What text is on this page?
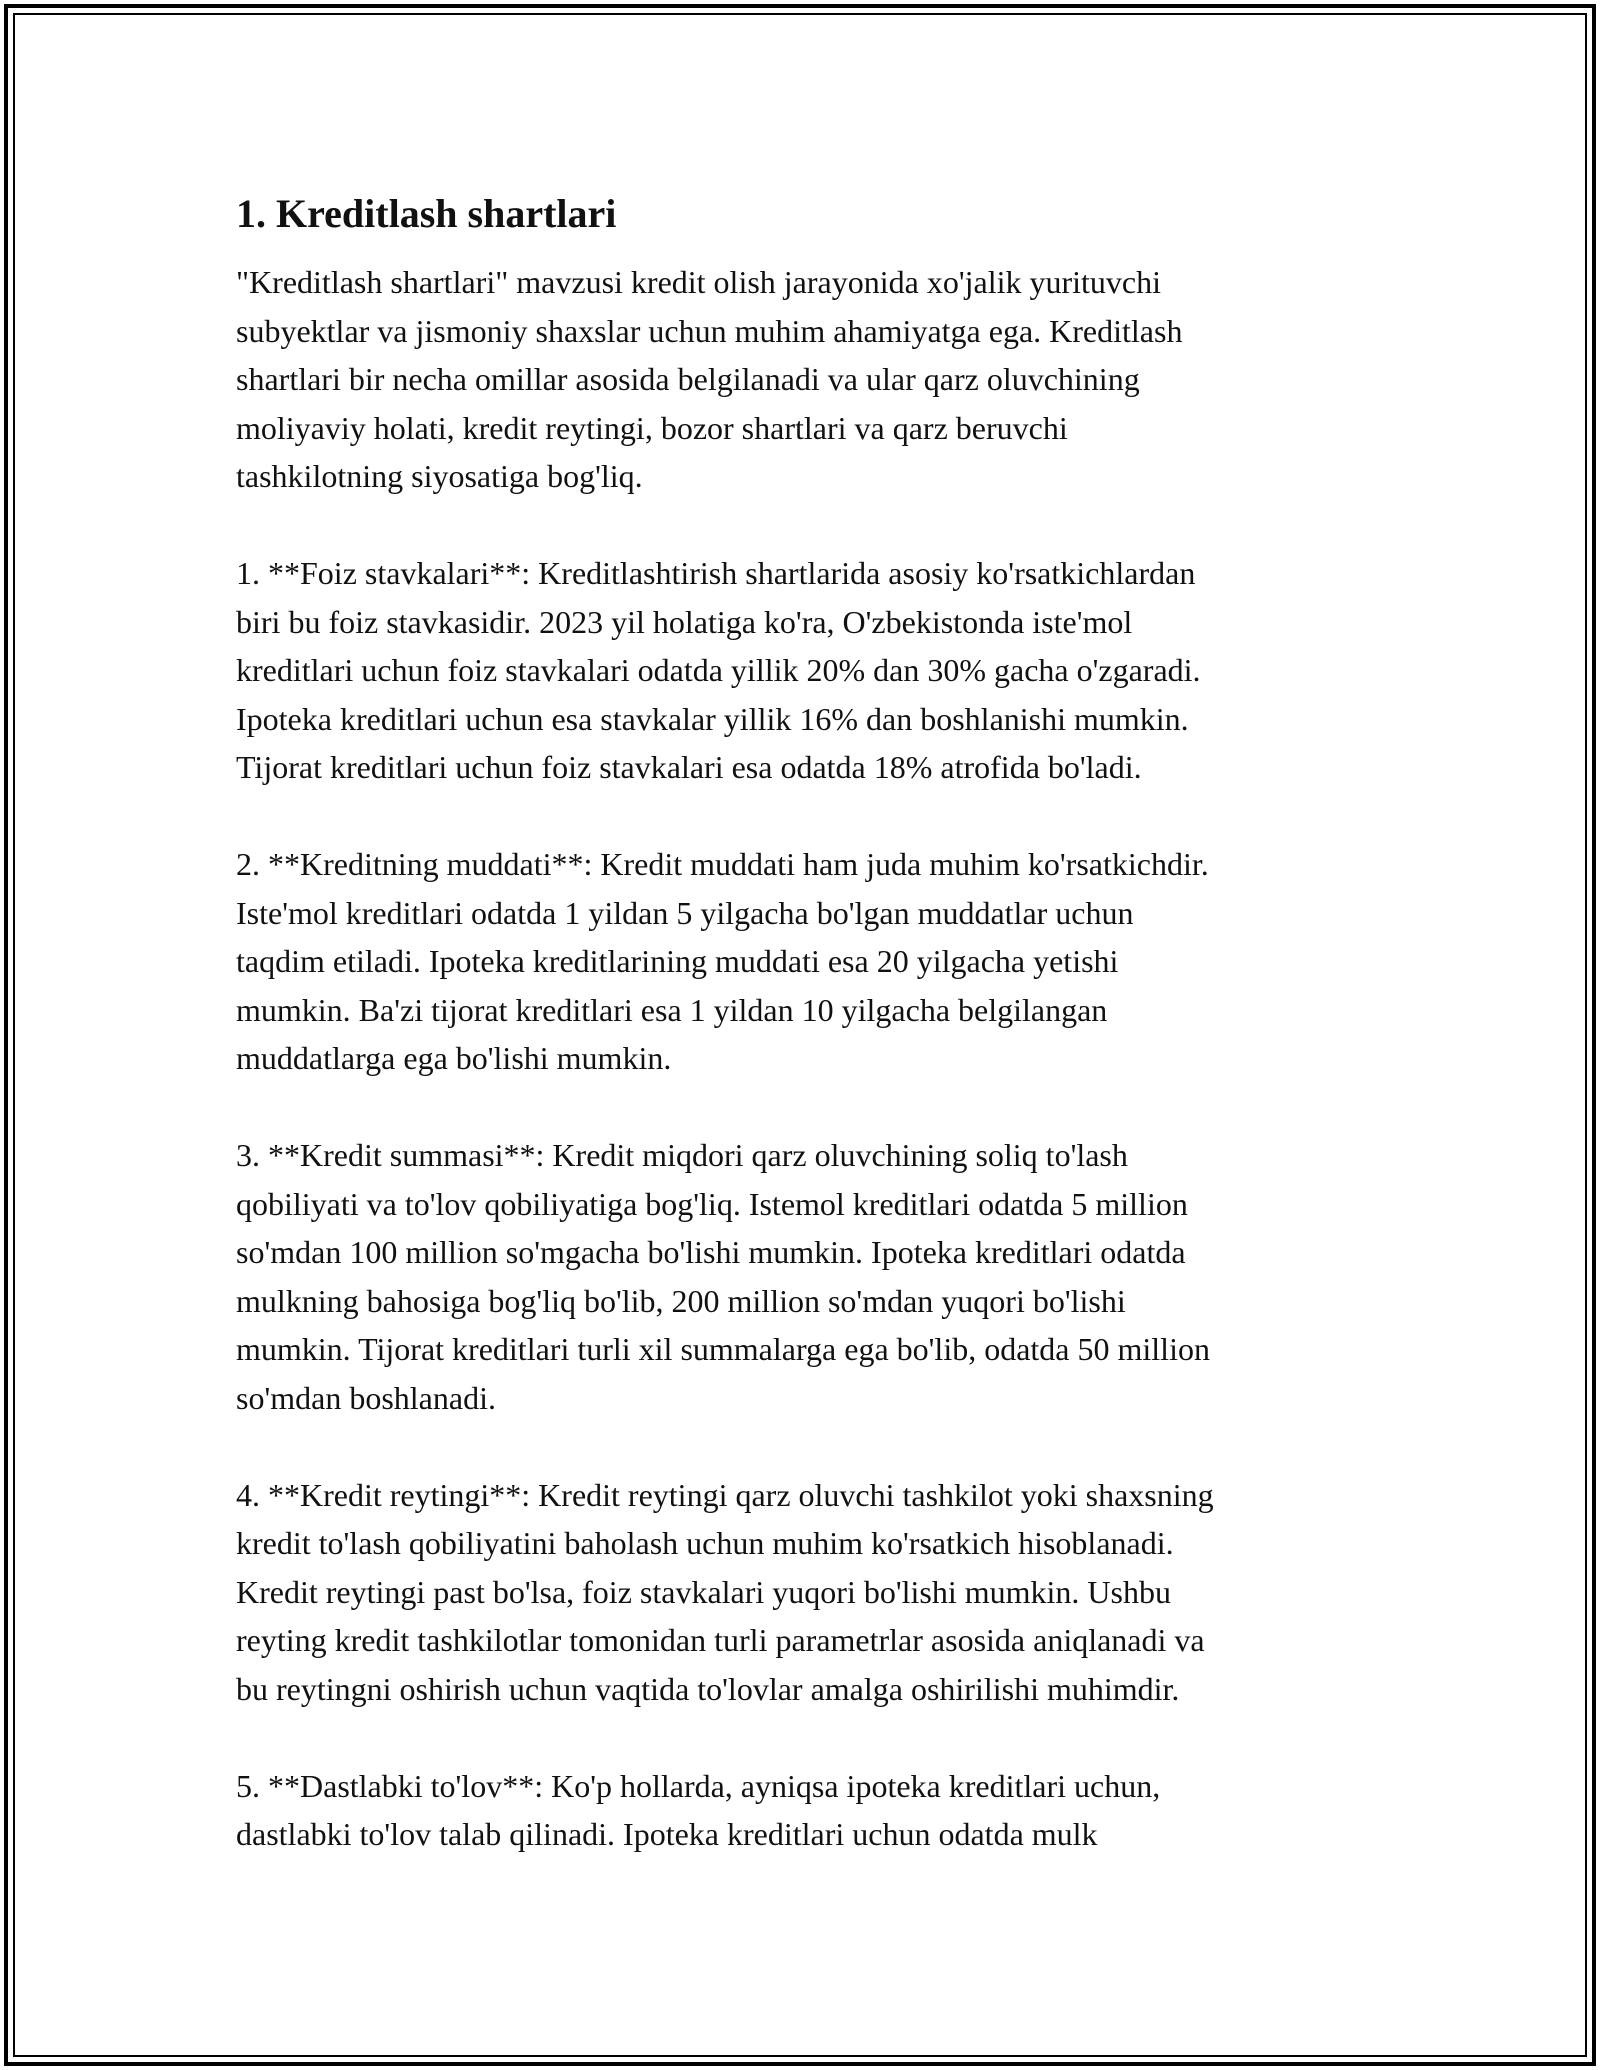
1. Kreditlash shartlari

"Kreditlash shartlari" mavzusi kredit olish jarayonida xo'jalik yurituvchi
subyektlar va jismoniy shaxslar uchun muhim ahamiyatga ega. Kreditlash
shartlari bir necha omillar asosida belgilanadi va ular qarz oluvchining
moliyaviy holati, kredit reytingi, bozor shartlari va qarz beruvchi
tashkilotning siyosatiga bog'liq.

1. **Foiz stavkalari**: Kreditlashtirish shartlarida asosiy ko'rsatkichlardan
biri bu foiz stavkasidir. 2023 yil holatiga ko'ra, O'zbekistonda iste'mol
kreditlari uchun foiz stavkalari odatda yillik 20% dan 30% gacha o'zgaradi.
Ipoteka kreditlari uchun esa stavkalar yillik 16% dan boshlanishi mumkin.
Tijorat kreditlari uchun foiz stavkalari esa odatda 18% atrofida bo'ladi.

2. **Kreditning muddati**: Kredit muddati ham juda muhim ko'rsatkichdir.
Iste'mol kreditlari odatda 1 yildan 5 yilgacha bo'lgan muddatlar uchun
taqdim etiladi. Ipoteka kreditlarining muddati esa 20 yilgacha yetishi
mumkin. Ba'zi tijorat kreditlari esa 1 yildan 10 yilgacha belgilangan
muddatlarga ega bo'lishi mumkin.

3. **Kredit summasi**: Kredit miqdori qarz oluvchining soliq to'lash
qobiliyati va to'lov qobiliyatiga bog'liq. Istemol kreditlari odatda 5 million
so'mdan 100 million so'mgacha bo'lishi mumkin. Ipoteka kreditlari odatda
mulkning bahosiga bog'liq bo'lib, 200 million so'mdan yuqori bo'lishi
mumkin. Tijorat kreditlari turli xil summalarga ega bo'lib, odatda 50 million
so'mdan boshlanadi.

4. **Kredit reytingi**: Kredit reytingi qarz oluvchi tashkilot yoki shaxsning
kredit to'lash qobiliyatini baholash uchun muhim ko'rsatkich hisoblanadi.
Kredit reytingi past bo'lsa, foiz stavkalari yuqori bo'lishi mumkin. Ushbu
reyting kredit tashkilotlar tomonidan turli parametrlar asosida aniqlanadi va
bu reytingni oshirish uchun vaqtida to'lovlar amalga oshirilishi muhimdir.

5. **Dastlabki to'lov**: Ko'p hollarda, ayniqsa ipoteka kreditlari uchun,
dastlabki to'lov talab qilinadi. Ipoteka kreditlari uchun odatda mulk
